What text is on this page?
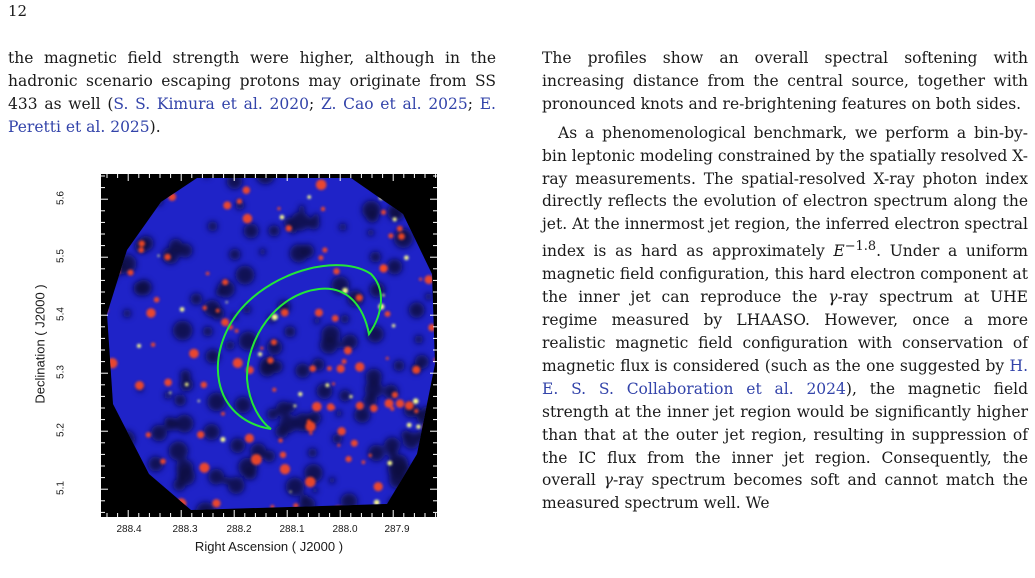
12

the magnetic field strength were higher, although in the hadronic scenario escaping protons may originate from SS 433 as well (S. S. Kimura et al. 2020; Z. Cao et al. 2025; E. Peretti et al. 2025).

Declination ( J2000 )
5.6
5.5
5.4
5.3
5.2
5.1
288.4	288.3	288.2	288.1	288.0	287.9
Right Ascension ( J2000 )

The profiles show an overall spectral softening with increasing distance from the central source, together with pronounced knots and re-brightening features on both sides.

As a phenomenological benchmark, we perform a bin-by-bin leptonic modeling constrained by the spatially resolved X-ray measurements. The spatial-resolved X-ray photon index directly reflects the evolution of electron spectrum along the jet. At the innermost jet region, the inferred electron spectral index is as hard as approximately $E^{-1.8}$. Under a uniform magnetic field configuration, this hard electron component at the inner jet can reproduce the γ-ray spectrum at UHE regime measured by LHAASO. However, once a more realistic magnetic field configuration with conservation of magnetic flux is considered (such as the one suggested by H. E. S. S. Collaboration et al. 2024), the magnetic field strength at the inner jet region would be significantly higher than that at the outer jet region, resulting in suppression of the IC flux from the inner jet region. Consequently, the overall γ-ray spectrum becomes soft and cannot match the measured spectrum well. We
